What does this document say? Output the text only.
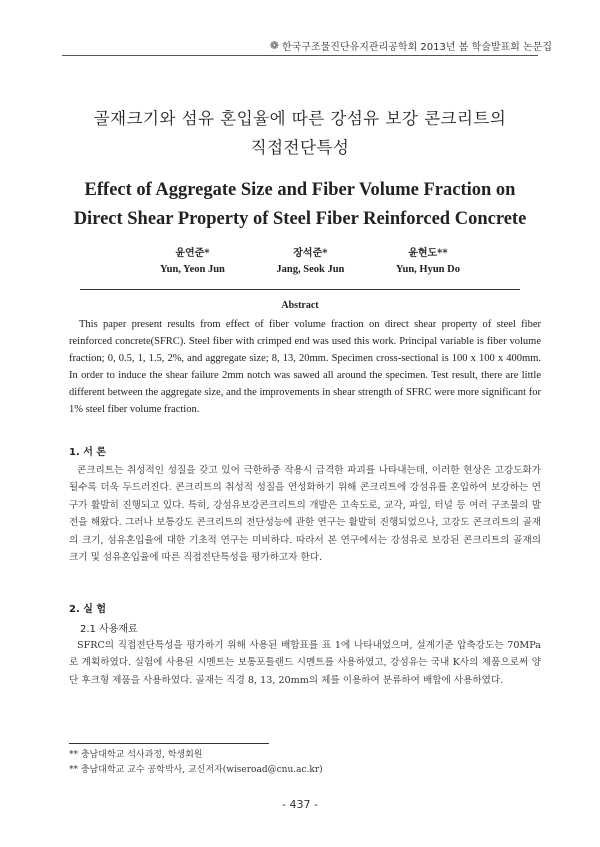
❁ 한국구조물진단유지관리공학회 2013년 봄 학술발표회 논문집
골재크기와 섬유 혼입율에 따른 강섬유 보강 콘크리트의
직접전단특성
Effect of Aggregate Size and Fiber Volume Fraction on
Direct Shear Property of Steel Fiber Reinforced Concrete
윤연준*
Yun, Yeon Jun
장석준*
Jang, Seok Jun
윤현도**
Yun, Hyun Do
Abstract
This paper present results from effect of fiber volume fraction on direct shear property of steel fiber reinforced concrete(SFRC). Steel fiber with crimped end was used this work. Principal variable is fiber volume fraction; 0, 0.5, 1, 1.5, 2%, and aggregate size; 8, 13, 20mm. Specimen cross-sectional is 100 x 100 x 400mm. In order to induce the shear failure 2mm notch was sawed all around the specimen. Test result, there are little different between the aggregate size, and the improvements in shear strength of SFRC were more significant for 1% steel fiber volume fraction.
1. 서 론
콘크리트는 취성적인 성질을 갖고 있어 극한하중 작용시 급격한 파괴를 나타내는데, 이러한 현상은 고강도화가 될수록 더욱 두드러진다. 콘크리트의 취성적 성질을 연성화하기 위해 콘크리트에 강섬유를 혼입하여 보강하는 연구가 활발히 진행되고 있다. 특히, 강섬유보강콘크리트의 개발은 고속도로, 교각, 파일, 터널 등 여러 구조물의 발전을 해왔다. 그러나 보통강도 콘크리트의 전단성능에 관한 연구는 활발히 진행되었으나, 고강도 콘크리트의 골재의 크기, 섬유혼입율에 대한 기초적 연구는 미비하다. 따라서 본 연구에서는 강섬유로 보강된 콘크리트의 골재의 크기 및 섬유혼입율에 따른 직접전단특성을 평가하고자 한다.
2. 실 험
2.1 사용재료
SFRC의 직접전단특성을 평가하기 위해 사용된 배합표를 표 1에 나타내었으며, 설계기준 압축강도는 70MPa로 계획하였다. 실험에 사용된 시멘트는 보통포틀랜드 시멘트를 사용하였고, 강섬유는 국내 K사의 제품으로써 양단 후크형 제품을 사용하였다. 골재는 직경 8, 13, 20mm의 체를 이용하여 분류하여 배합에 사용하였다.
** 충남대학교 석사과정, 학생회원
** 충남대학교 교수 공학박사, 교신저자(wiseroad@cnu.ac.kr)
- 437 -
